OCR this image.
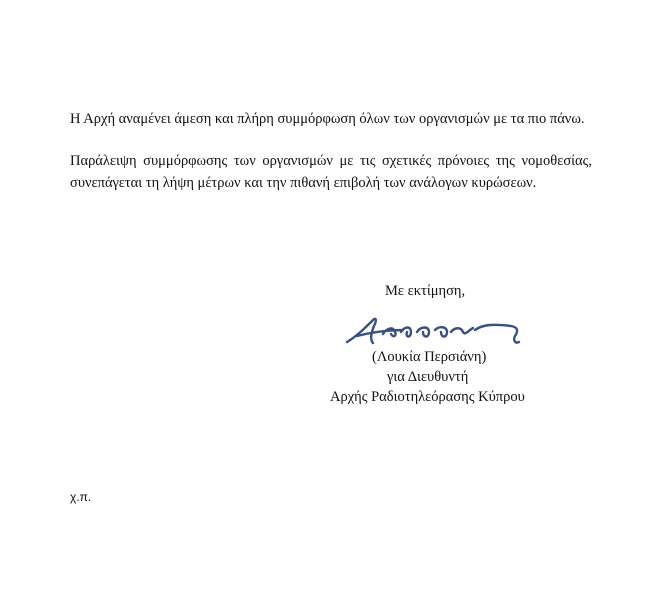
Η Αρχή αναμένει άμεση και πλήρη συμμόρφωση όλων των οργανισμών με τα πιο πάνω.
Παράλειψη συμμόρφωσης των οργανισμών με τις σχετικές πρόνοιες της νομοθεσίας,
συνεπάγεται τη λήψη μέτρων και την πιθανή επιβολή των ανάλογων κυρώσεων.
Με εκτίμηση,
(Λουκία Περσιάνη)
για Διευθυντή
Αρχής Ραδιοτηλεόρασης Κύπρου
χ.π.
